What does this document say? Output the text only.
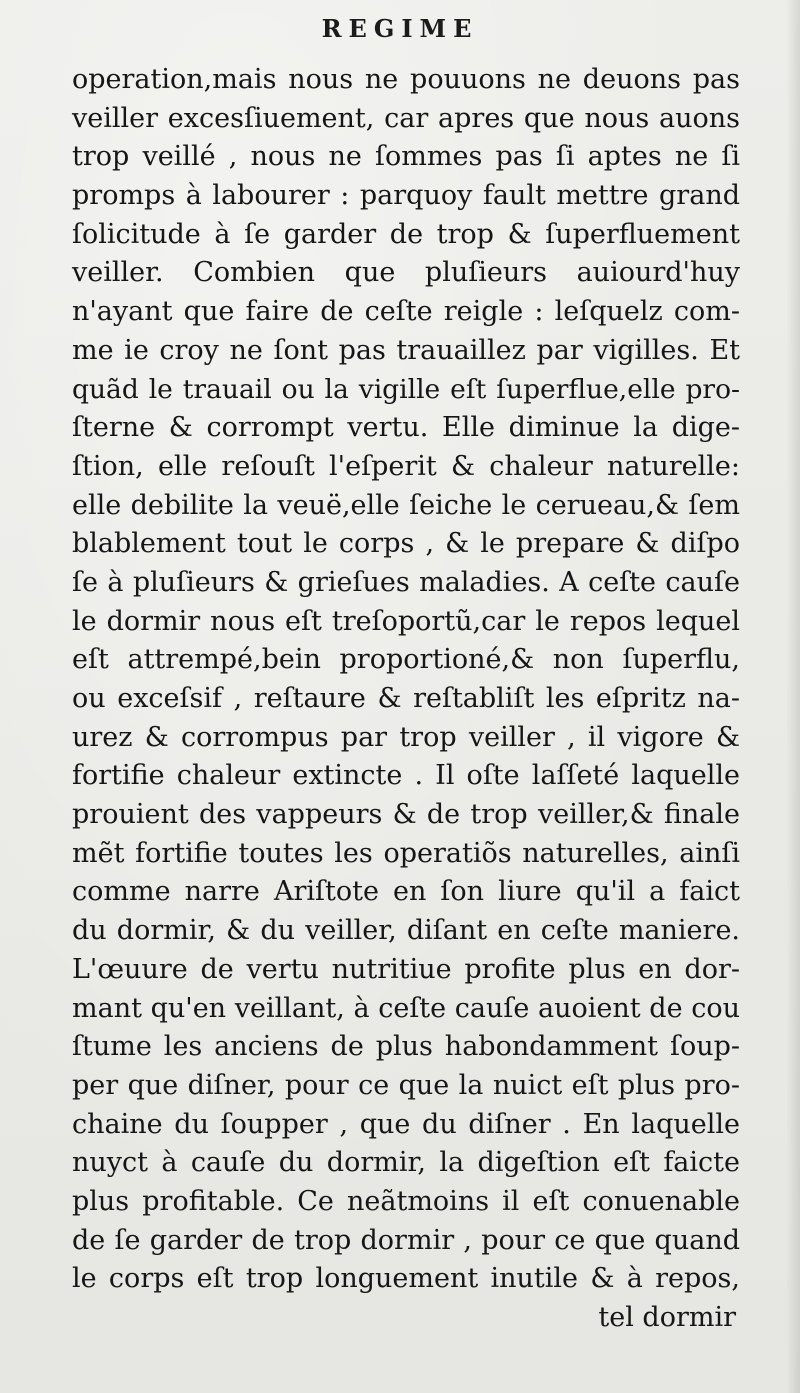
REGIME
operation,mais nous ne pouuons ne deuons pas
veiller excesſiuement, car apres que nous auons
trop veillé , nous ne ſommes pas ſi aptes ne ſi
promps à labourer : parquoy fault mettre grand
ſolicitude à ſe garder de trop & ſuperfluement
veiller. Combien que pluſieurs auiourd'huy
n'ayant que faire de ceſte reigle : leſquelz com-
me ie croy ne ſont pas trauaillez par vigilles. Et
quãd le trauail ou la vigille eſt ſuperflue,elle pro-
ſterne & corrompt vertu. Elle diminue la dige-
ſtion, elle reſouſt l'eſperit & chaleur naturelle:
elle debilite la veuë,elle ſeiche le cerueau,& ſem
blablement tout le corps , & le prepare & diſpo
ſe à pluſieurs & grieſues maladies. A ceſte cauſe
le dormir nous eſt treſoportũ,car le repos lequel
eſt attrempé,bein proportioné,& non ſuperflu,
ou exceſsif , reſtaure & reſtabliſt les eſpritz na-
urez & corrompus par trop veiller , il vigore &
fortifie chaleur extincte . Il oſte laſſeté laquelle
prouient des vappeurs & de trop veiller,& finale
mẽt fortifie toutes les operatiõs naturelles, ainſi
comme narre Ariſtote en ſon liure qu'il a faict
du dormir, & du veiller, diſant en ceſte maniere.
L'œuure de vertu nutritiue profite plus en dor-
mant qu'en veillant, à ceſte cauſe auoient de cou
ſtume les anciens de plus habondamment ſoup-
per que diſner, pour ce que la nuict eſt plus pro-
chaine du ſoupper , que du diſner . En laquelle
nuyct à cauſe du dormir, la digeſtion eſt faicte
plus profitable. Ce neãtmoins il eſt conuenable
de ſe garder de trop dormir , pour ce que quand
le corps eſt trop longuement inutile & à repos,
tel dormir
